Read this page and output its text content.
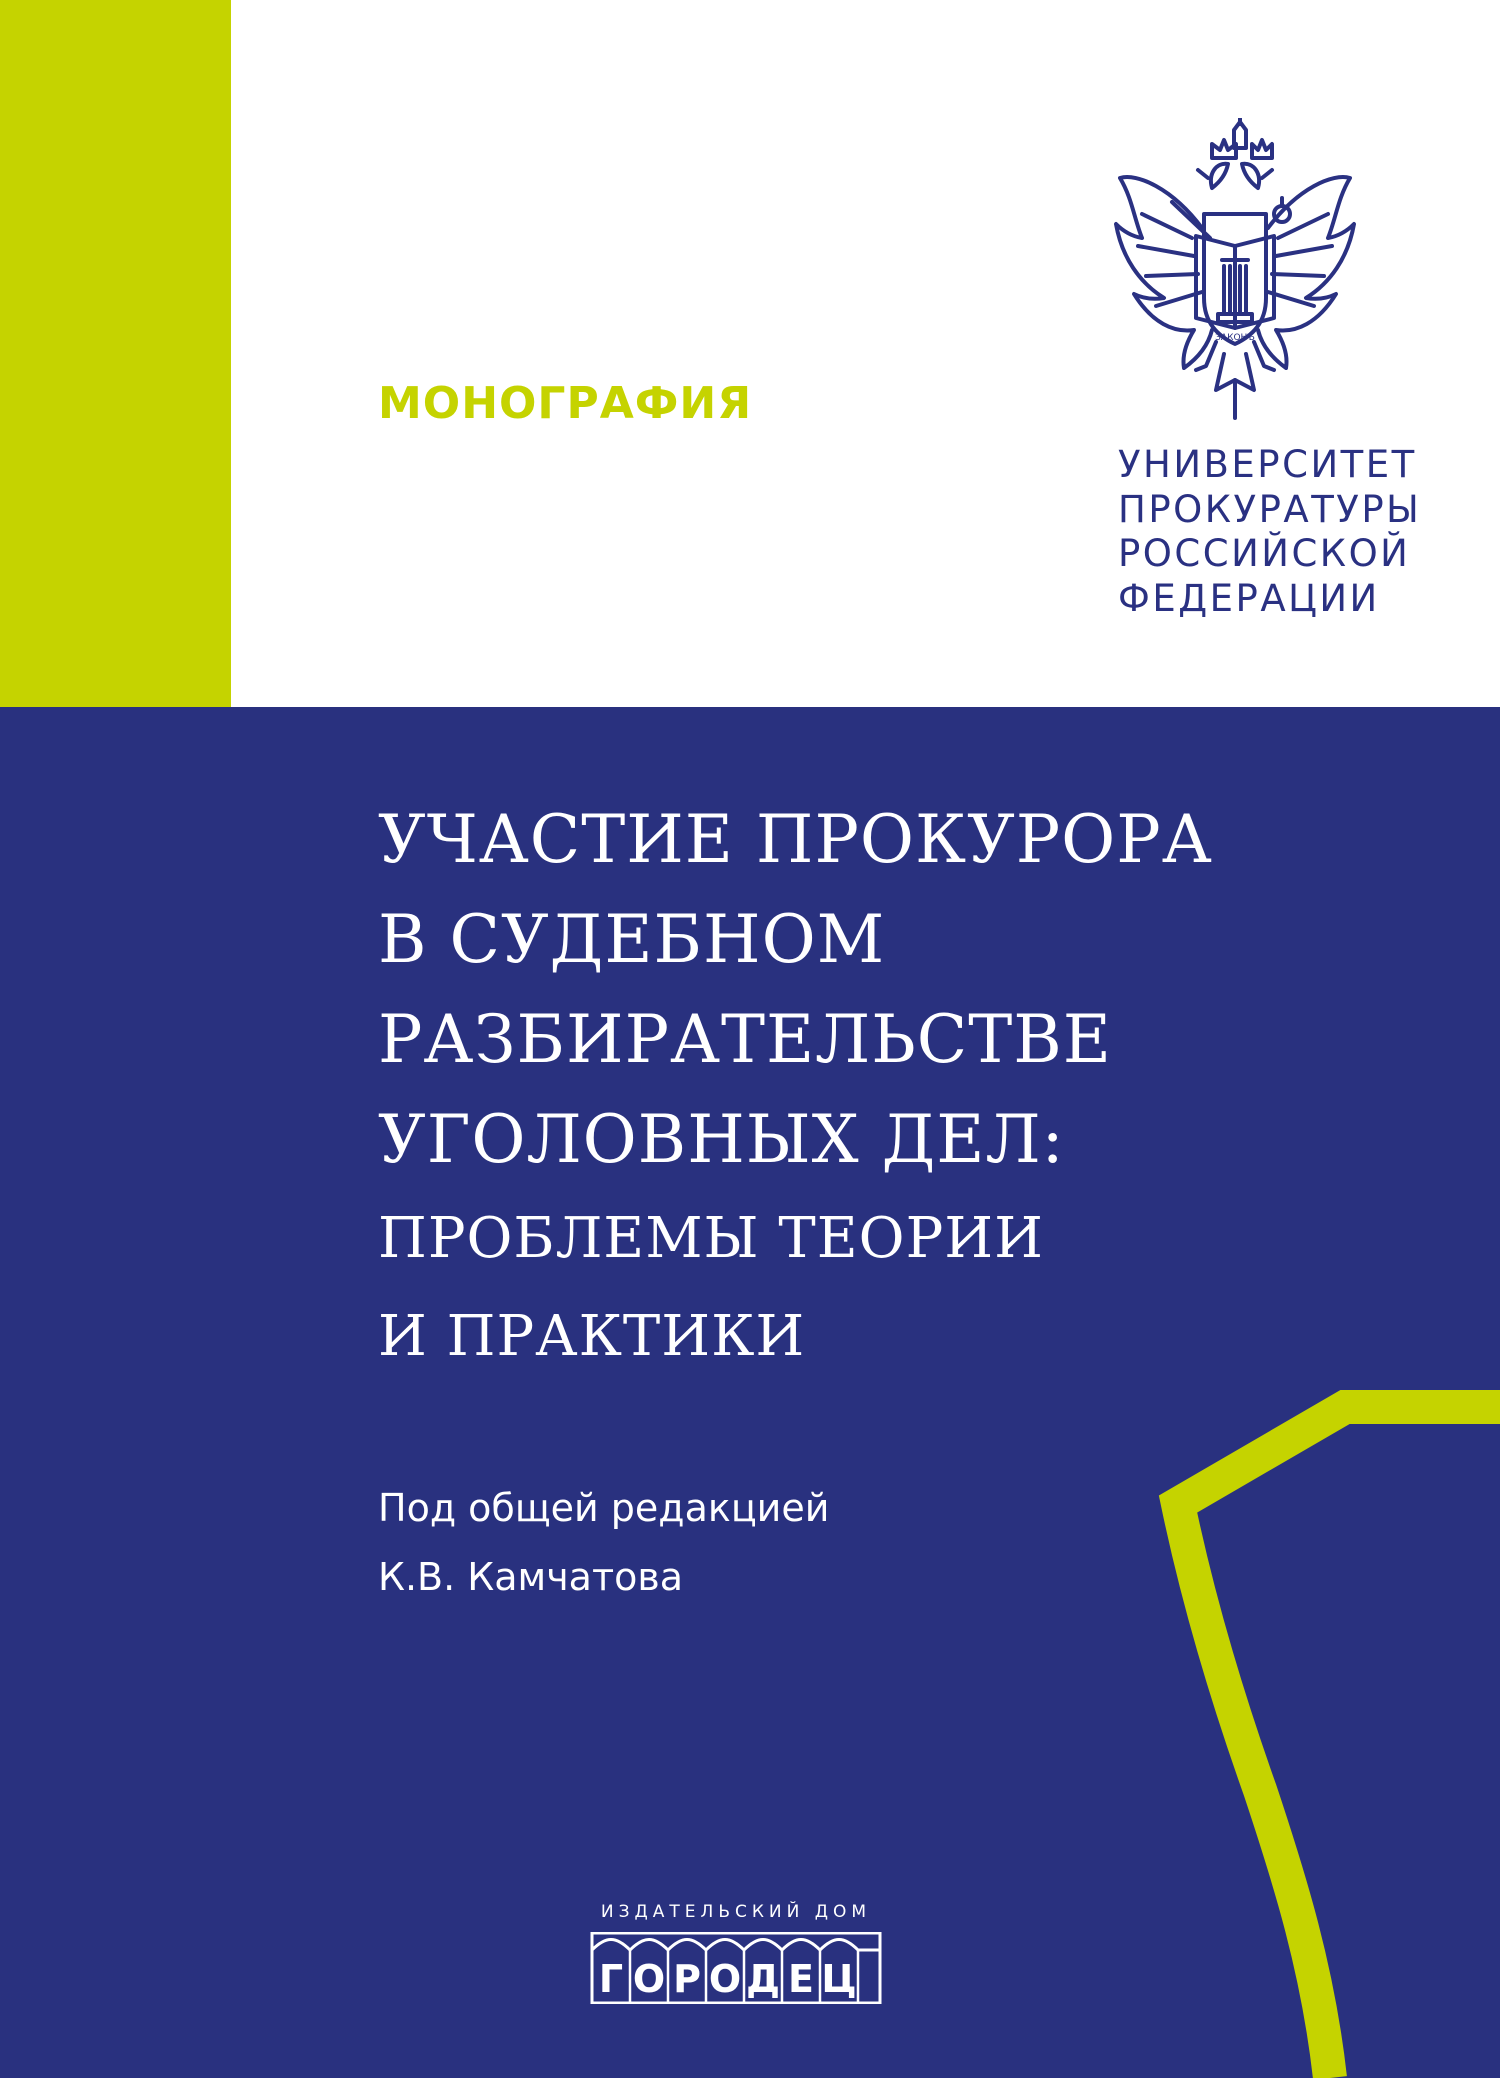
МОНОГРАФИЯ
ЗАКОНЪ
УНИВЕРСИТЕТ
ПРОКУРАТУРЫ
РОССИЙСКОЙ
ФЕДЕРАЦИИ
УЧАСТИЕ ПРОКУРОРА
В СУДЕБНОМ
РАЗБИРАТЕЛЬСТВЕ
УГОЛОВНЫХ ДЕЛ:
ПРОБЛЕМЫ ТЕОРИИ
И ПРАКТИКИ
Под общей редакцией
К.В. Камчатова
ИЗДАТЕЛЬСКИЙ ДОМ
Г О Р О Д Е Ц
